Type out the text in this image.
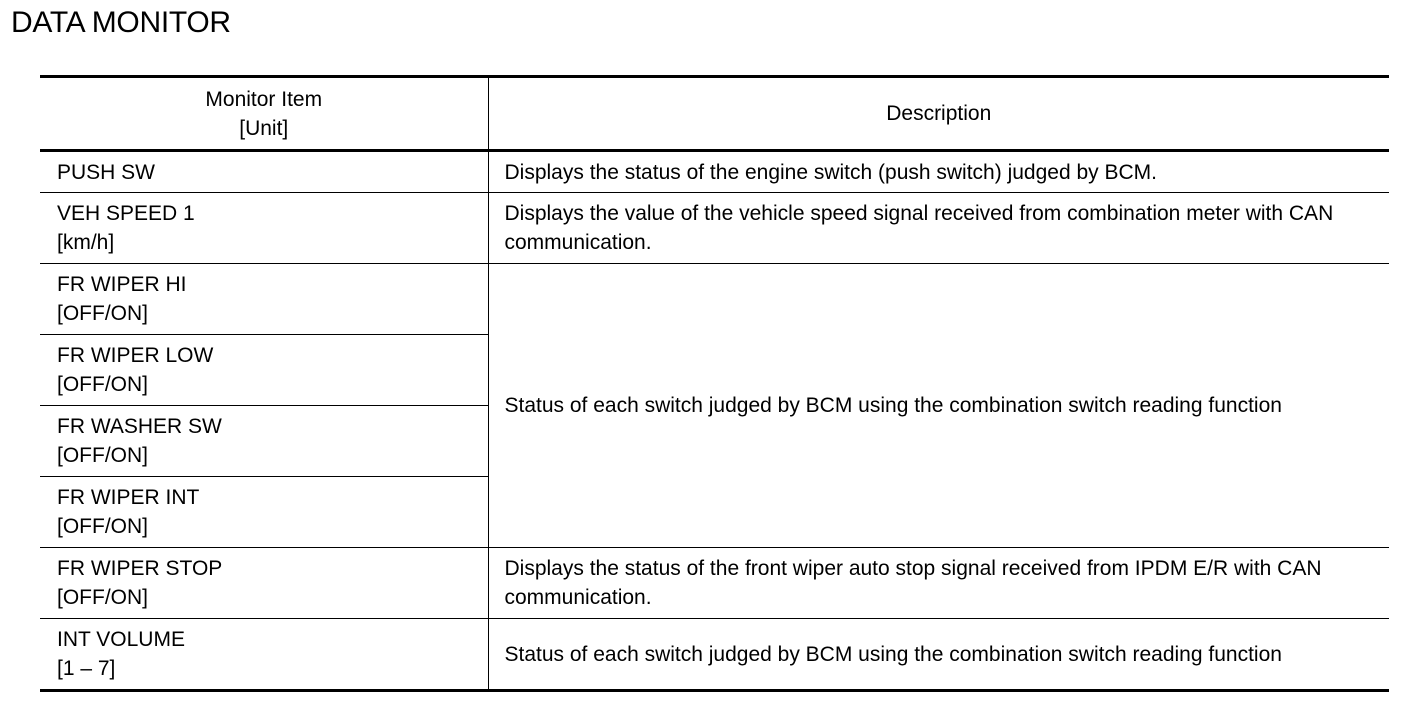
DATA MONITOR
Monitor Item
[Unit]	Description

PUSH SW	Displays the status of the engine switch (push switch) judged by BCM.

VEH SPEED 1
[km/h]	Displays the value of the vehicle speed signal received from combination meter with CAN communication.

FR WIPER HI
[OFF/ON]	Status of each switch judged by BCM using the combination switch reading function

FR WIPER LOW
[OFF/ON]	

FR WASHER SW
[OFF/ON]	

FR WIPER INT
[OFF/ON]	

FR WIPER STOP
[OFF/ON]	Displays the status of the front wiper auto stop signal received from IPDM E/R with CAN communication.

INT VOLUME
[1 – 7]	Status of each switch judged by BCM using the combination switch reading function
